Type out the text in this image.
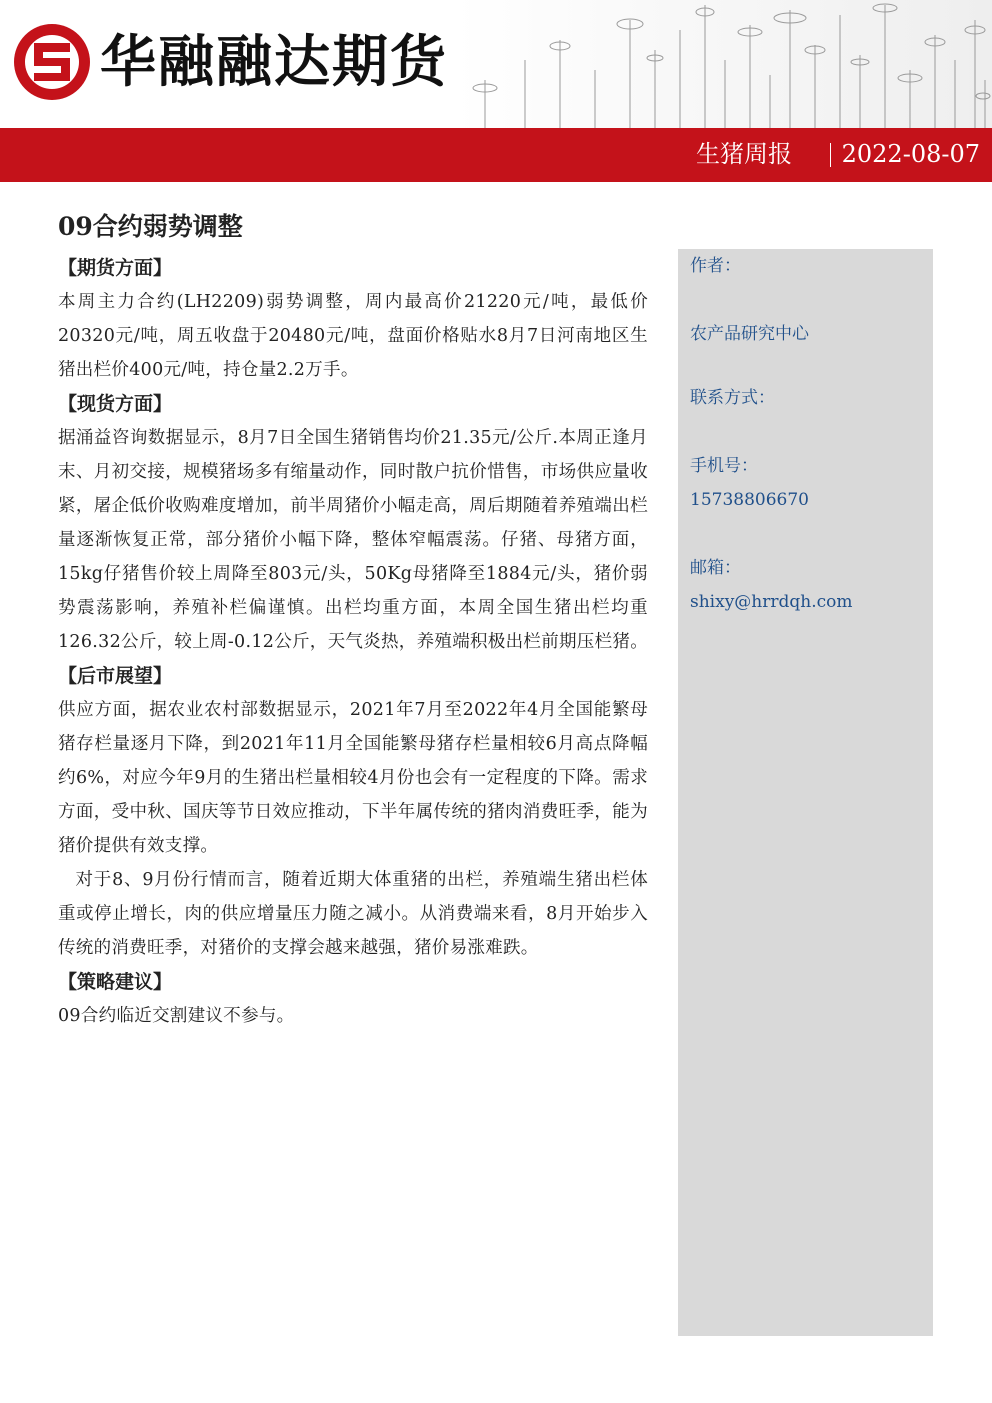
华融融达期货
生猪周报 2022-08-07
09合约弱势调整
【期货方面】

本周主力合约(LH2209)弱势调整，周内最高价21220元/吨，最低价20320元/吨，周五收盘于20480元/吨，盘面价格贴水8月7日河南地区生猪出栏价400元/吨，持仓量2.2万手。

【现货方面】

据涌益咨询数据显示，8月7日全国生猪销售均价21.35元/公斤.本周正逢月末、月初交接，规模猪场多有缩量动作，同时散户抗价惜售，市场供应量收紧，屠企低价收购难度增加，前半周猪价小幅走高，周后期随着养殖端出栏量逐渐恢复正常，部分猪价小幅下降，整体窄幅震荡。仔猪、母猪方面，15kg仔猪售价较上周降至803元/头，50Kg母猪降至1884元/头，猪价弱势震荡影响，养殖补栏偏谨慎。出栏均重方面，本周全国生猪出栏均重126.32公斤，较上周-0.12公斤，天气炎热，养殖端积极出栏前期压栏猪。

【后市展望】

供应方面，据农业农村部数据显示，2021年7月至2022年4月全国能繁母猪存栏量逐月下降，到2021年11月全国能繁母猪存栏量相较6月高点降幅约6%，对应今年9月的生猪出栏量相较4月份也会有一定程度的下降。需求方面，受中秋、国庆等节日效应推动，下半年属传统的猪肉消费旺季，能为猪价提供有效支撑。

对于8、9月份行情而言，随着近期大体重猪的出栏，养殖端生猪出栏体重或停止增长，肉的供应增量压力随之减小。从消费端来看，8月开始步入传统的消费旺季，对猪价的支撑会越来越强，猪价易涨难跌。

【策略建议】

09合约临近交割建议不参与。

作者：
农产品研究中心
联系方式：
手机号：
15738806670
邮箱：
shixy@hrrdqh.com
